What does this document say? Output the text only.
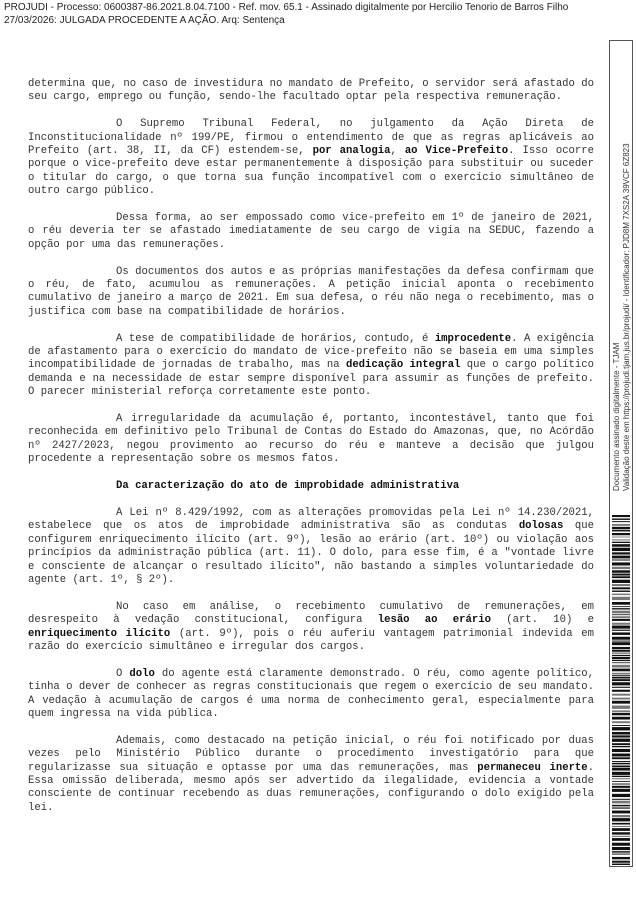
PROJUDI - Processo: 0600387-86.2021.8.04.7100 - Ref. mov. 65.1 - Assinado digitalmente por Hercilio Tenorio de Barros Filho
27/03/2026: JULGADA PROCEDENTE A AÇÃO. Arq: Sentença

determina que, no caso de investidura no mandato de Prefeito, o servidor será afastado do seu cargo, emprego ou função, sendo-lhe facultado optar pela respectiva remuneração.

O Supremo Tribunal Federal, no julgamento da Ação Direta de Inconstitucionalidade nº 199/PE, firmou o entendimento de que as regras aplicáveis ao Prefeito (art. 38, II, da CF) estendem-se, por analogia, ao Vice-Prefeito. Isso ocorre porque o vice-prefeito deve estar permanentemente à disposição para substituir ou suceder o titular do cargo, o que torna sua função incompatível com o exercício simultâneo de outro cargo público.

Dessa forma, ao ser empossado como vice-prefeito em 1º de janeiro de 2021, o réu deveria ter se afastado imediatamente de seu cargo de vigia na SEDUC, fazendo a opção por uma das remunerações.

Os documentos dos autos e as próprias manifestações da defesa confirmam que o réu, de fato, acumulou as remunerações. A petição inicial aponta o recebimento cumulativo de janeiro a março de 2021. Em sua defesa, o réu não nega o recebimento, mas o justifica com base na compatibilidade de horários.

A tese de compatibilidade de horários, contudo, é improcedente. A exigência de afastamento para o exercício do mandato de vice-prefeito não se baseia em uma simples incompatibilidade de jornadas de trabalho, mas na dedicação integral que o cargo político demanda e na necessidade de estar sempre disponível para assumir as funções de prefeito. O parecer ministerial reforça corretamente este ponto.

A irregularidade da acumulação é, portanto, incontestável, tanto que foi reconhecida em definitivo pelo Tribunal de Contas do Estado do Amazonas, que, no Acórdão nº 2427/2023, negou provimento ao recurso do réu e manteve a decisão que julgou procedente a representação sobre os mesmos fatos.

Da caracterização do ato de improbidade administrativa

A Lei nº 8.429/1992, com as alterações promovidas pela Lei nº 14.230/2021, estabelece que os atos de improbidade administrativa são as condutas dolosas que configurem enriquecimento ilícito (art. 9º), lesão ao erário (art. 10º) ou violação aos princípios da administração pública (art. 11). O dolo, para esse fim, é a "vontade livre e consciente de alcançar o resultado ilícito", não bastando a simples voluntariedade do agente (art. 1º, § 2º).

No caso em análise, o recebimento cumulativo de remunerações, em desrespeito à vedação constitucional, configura lesão ao erário (art. 10) e enriquecimento ilícito (art. 9º), pois o réu auferiu vantagem patrimonial indevida em razão do exercício simultâneo e irregular dos cargos.

O dolo do agente está claramente demonstrado. O réu, como agente político, tinha o dever de conhecer as regras constitucionais que regem o exercício de seu mandato. A vedação à acumulação de cargos é uma norma de conhecimento geral, especialmente para quem ingressa na vida pública.

Ademais, como destacado na petição inicial, o réu foi notificado por duas vezes pelo Ministério Público durante o procedimento investigatório para que regularizasse sua situação e optasse por uma das remunerações, mas permaneceu inerte. Essa omissão deliberada, mesmo após ser advertido da ilegalidade, evidencia a vontade consciente de continuar recebendo as duas remunerações, configurando o dolo exigido pela lei.

Documento assinado digitalmente - TJAM Validação deste em https://projudi.tjam.jus.br/projudi/ - Identificador: PJD8M 7XS2A 39VCF 6Z823
